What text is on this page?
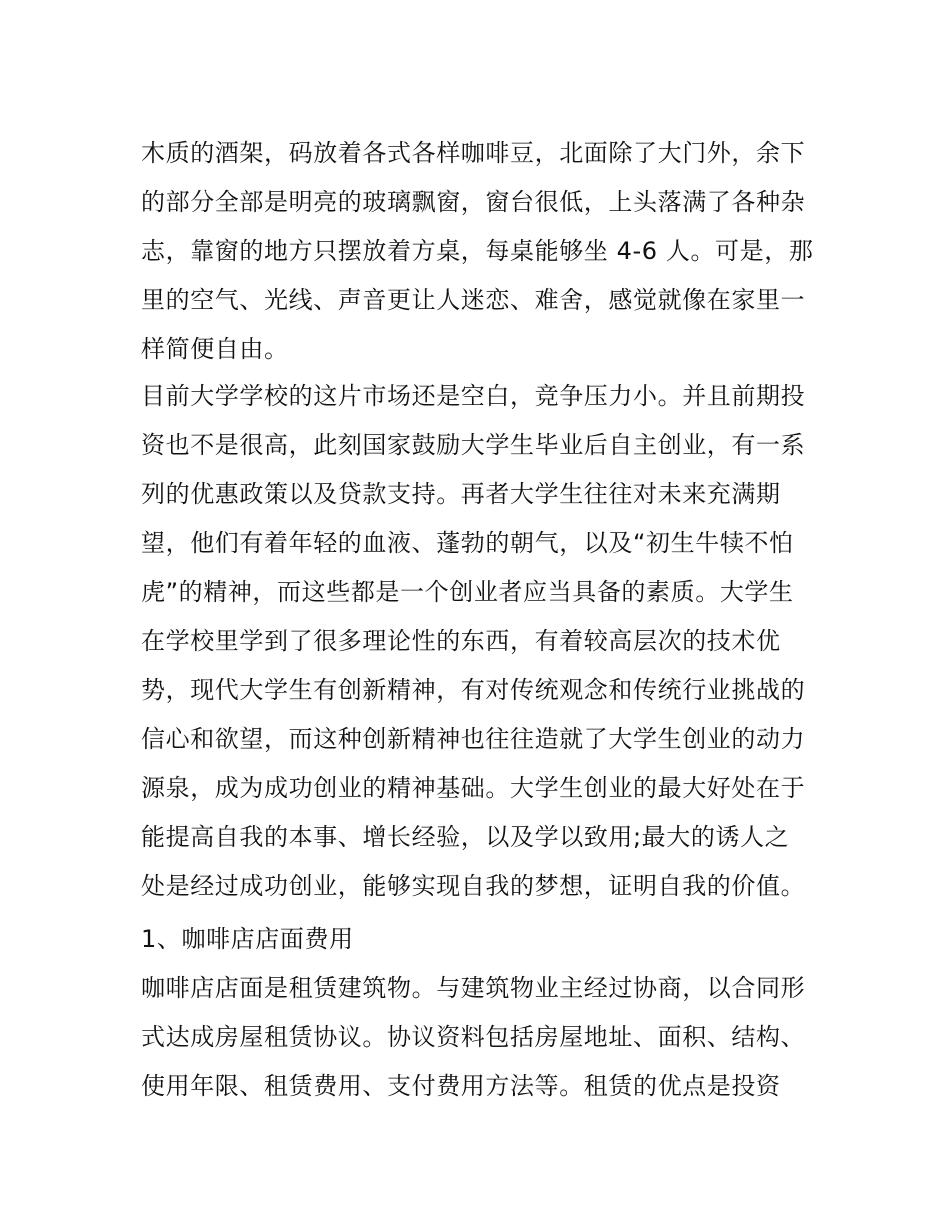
木质的酒架，码放着各式各样咖啡豆，北面除了大门外，余下
的部分全部是明亮的玻璃飘窗，窗台很低，上头落满了各种杂
志，靠窗的地方只摆放着方桌，每桌能够坐 4-6 人。可是，那
里的空气、光线、声音更让人迷恋、难舍，感觉就像在家里一
样简便自由。
目前大学学校的这片市场还是空白，竞争压力小。并且前期投
资也不是很高，此刻国家鼓励大学生毕业后自主创业，有一系
列的优惠政策以及贷款支持。再者大学生往往对未来充满期
望，他们有着年轻的血液、蓬勃的朝气，以及“初生牛犊不怕
虎”的精神，而这些都是一个创业者应当具备的素质。大学生
在学校里学到了很多理论性的东西，有着较高层次的技术优
势，现代大学生有创新精神，有对传统观念和传统行业挑战的
信心和欲望，而这种创新精神也往往造就了大学生创业的动力
源泉，成为成功创业的精神基础。大学生创业的最大好处在于
能提高自我的本事、增长经验，以及学以致用;最大的诱人之
处是经过成功创业，能够实现自我的梦想，证明自我的价值。
1、咖啡店店面费用
咖啡店店面是租赁建筑物。与建筑物业主经过协商，以合同形
式达成房屋租赁协议。协议资料包括房屋地址、面积、结构、
使用年限、租赁费用、支付费用方法等。租赁的优点是投资
